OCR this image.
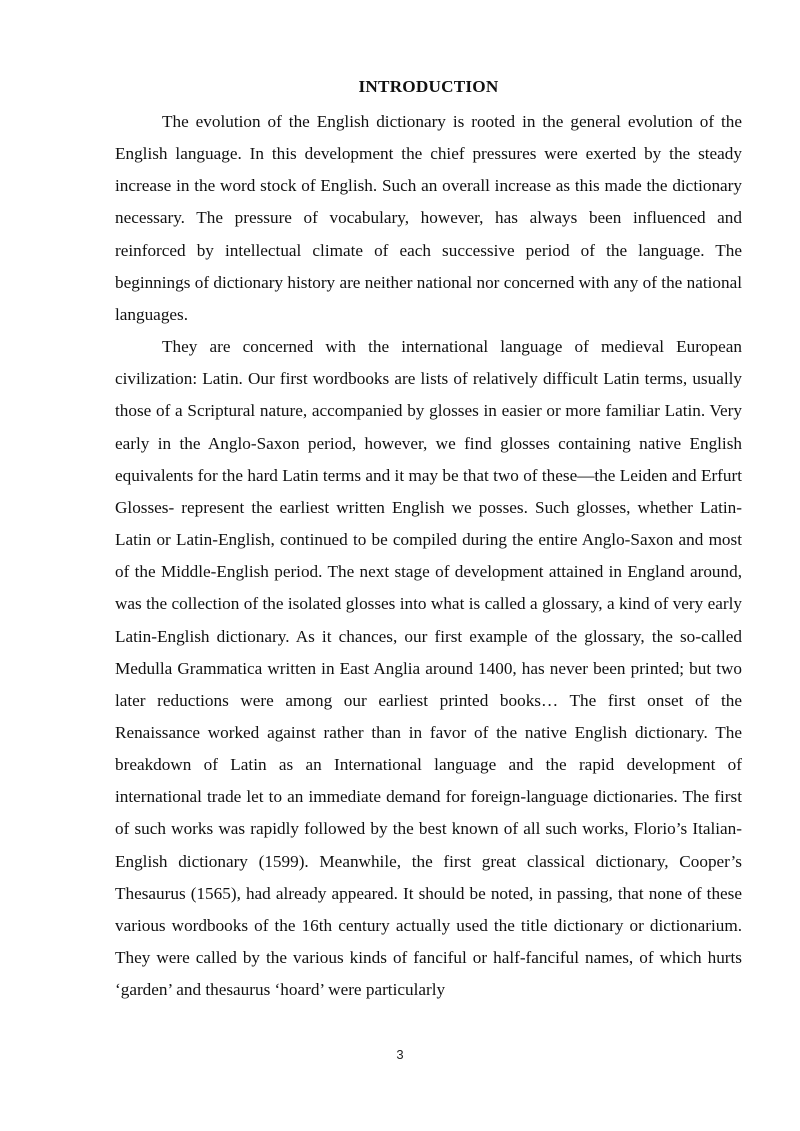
INTRODUCTION

The evolution of the English dictionary is rooted in the general evolution of the English language. In this development the chief pressures were exerted by the steady increase in the word stock of English. Such an overall increase as this made the dictionary necessary. The pressure of vocabulary, however, has always been influenced and reinforced by intellectual climate of each successive period of the language. The beginnings of dictionary history are neither national nor concerned with any of the national languages.

They are concerned with the international language of medieval European civilization: Latin. Our first wordbooks are lists of relatively difficult Latin terms, usually those of a Scriptural nature, accompanied by glosses in easier or more familiar Latin. Very early in the Anglo-Saxon period, however, we find glosses containing native English equivalents for the hard Latin terms and it may be that two of these—the Leiden and Erfurt Glosses- represent the earliest written English we posses. Such glosses, whether Latin-Latin or Latin-English, continued to be compiled during the entire Anglo-Saxon and most of the Middle-English period. The next stage of development attained in England around, was the collection of the isolated glosses into what is called a glossary, a kind of very early Latin-English dictionary. As it chances, our first example of the glossary, the so-called Medulla Grammatica written in East Anglia around 1400, has never been printed; but two later reductions were among our earliest printed books… The first onset of the Renaissance worked against rather than in favor of the native English dictionary. The breakdown of Latin as an International language and the rapid development of international trade let to an immediate demand for foreign-language dictionaries. The first of such works was rapidly followed by the best known of all such works, Florio’s Italian-English dictionary (1599). Meanwhile, the first great classical dictionary, Cooper’s Thesaurus (1565), had already appeared. It should be noted, in passing, that none of these various wordbooks of the 16th century actually used the title dictionary or dictionarium. They were called by the various kinds of fanciful or half-fanciful names, of which hurts ‘garden’ and thesaurus ‘hoard’ were particularly

3
